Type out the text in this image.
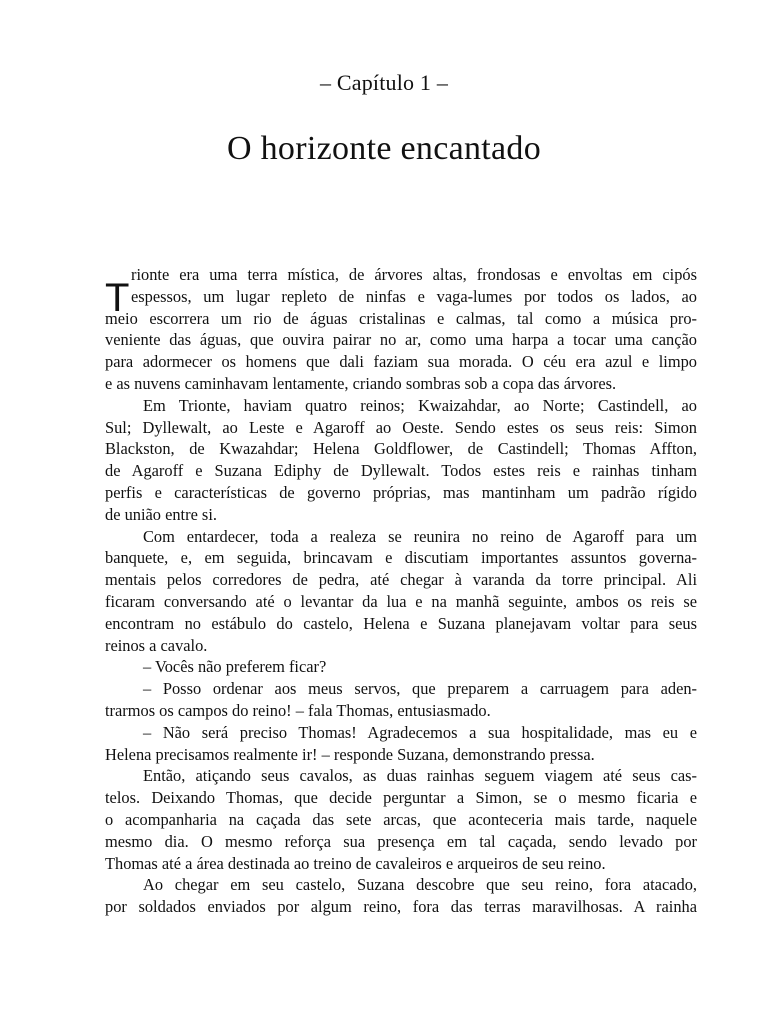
– Capítulo 1 –
O horizonte encantado
T
rionte era uma terra mística, de árvores altas, frondosas e envoltas em cipós
espessos, um lugar repleto de ninfas e vaga-lumes por todos os lados, ao
meio escorrera um rio de águas cristalinas e calmas, tal como a música pro-
veniente das águas, que ouvira pairar no ar, como uma harpa a tocar uma canção
para adormecer os homens que dali faziam sua morada. O céu era azul e limpo
e as nuvens caminhavam lentamente, criando sombras sob a copa das árvores.
Em Trionte, haviam quatro reinos; Kwaizahdar, ao Norte; Castindell, ao
Sul; Dyllewalt, ao Leste e Agaroff ao Oeste. Sendo estes os seus reis: Simon
Blackston, de Kwazahdar; Helena Goldflower, de Castindell; Thomas Affton,
de Agaroff e Suzana Ediphy de Dyllewalt. Todos estes reis e rainhas tinham
perfis e características de governo próprias, mas mantinham um padrão rígido
de união entre si.
Com entardecer, toda a realeza se reunira no reino de Agaroff para um
banquete, e, em seguida, brincavam e discutiam importantes assuntos governa-
mentais pelos corredores de pedra, até chegar à varanda da torre principal. Ali
ficaram conversando até o levantar da lua e na manhã seguinte, ambos os reis se
encontram no estábulo do castelo, Helena e Suzana planejavam voltar para seus
reinos a cavalo.
– Vocês não preferem ficar?
– Posso ordenar aos meus servos, que preparem a carruagem para aden-
trarmos os campos do reino! – fala Thomas, entusiasmado.
– Não será preciso Thomas! Agradecemos a sua hospitalidade, mas eu e
Helena precisamos realmente ir! – responde Suzana, demonstrando pressa.
Então, atiçando seus cavalos, as duas rainhas seguem viagem até seus cas-
telos. Deixando Thomas, que decide perguntar a Simon, se o mesmo ficaria e
o acompanharia na caçada das sete arcas, que aconteceria mais tarde, naquele
mesmo dia. O mesmo reforça sua presença em tal caçada, sendo levado por
Thomas até a área destinada ao treino de cavaleiros e arqueiros de seu reino.
Ao chegar em seu castelo, Suzana descobre que seu reino, fora atacado,
por soldados enviados por algum reino, fora das terras maravilhosas. A rainha
